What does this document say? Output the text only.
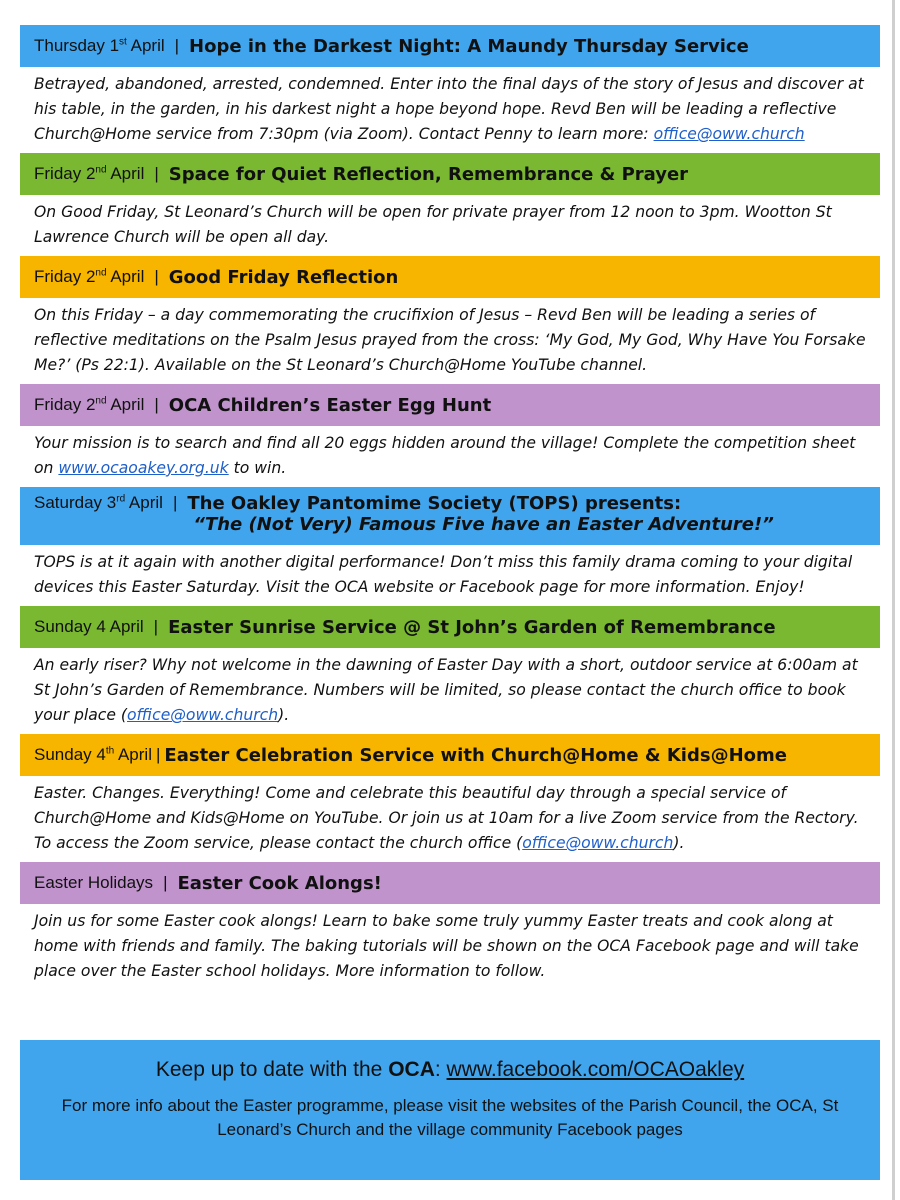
Thursday 1st April | Hope in the Darkest Night: A Maundy Thursday Service
Betrayed, abandoned, arrested, condemned. Enter into the final days of the story of Jesus and discover at his table, in the garden, in his darkest night a hope beyond hope. Revd Ben will be leading a reflective Church@Home service from 7:30pm (via Zoom). Contact Penny to learn more: office@oww.church
Friday 2nd April | Space for Quiet Reflection, Remembrance & Prayer
On Good Friday, St Leonard’s Church will be open for private prayer from 12 noon to 3pm. Wootton St Lawrence Church will be open all day.
Friday 2nd April | Good Friday Reflection
On this Friday – a day commemorating the crucifixion of Jesus – Revd Ben will be leading a series of reflective meditations on the Psalm Jesus prayed from the cross: ‘My God, My God, Why Have You Forsake Me?’ (Ps 22:1). Available on the St Leonard’s Church@Home YouTube channel.
Friday 2nd April | OCA Children’s Easter Egg Hunt
Your mission is to search and find all 20 eggs hidden around the village! Complete the competition sheet on www.ocaoakey.org.uk to win.
Saturday 3rd April | The Oakley Pantomime Society (TOPS) presents:
“The (Not Very) Famous Five have an Easter Adventure!”
TOPS is at it again with another digital performance! Don’t miss this family drama coming to your digital devices this Easter Saturday. Visit the OCA website or Facebook page for more information. Enjoy!
Sunday 4 April | Easter Sunrise Service @ St John’s Garden of Remembrance
An early riser? Why not welcome in the dawning of Easter Day with a short, outdoor service at 6:00am at St John’s Garden of Remembrance. Numbers will be limited, so please contact the church office to book your place (office@oww.church).
Sunday 4th April | Easter Celebration Service with Church@Home & Kids@Home
Easter. Changes. Everything! Come and celebrate this beautiful day through a special service of Church@Home and Kids@Home on YouTube. Or join us at 10am for a live Zoom service from the Rectory. To access the Zoom service, please contact the church office (office@oww.church).
Easter Holidays | Easter Cook Alongs!
Join us for some Easter cook alongs! Learn to bake some truly yummy Easter treats and cook along at home with friends and family. The baking tutorials will be shown on the OCA Facebook page and will take place over the Easter school holidays. More information to follow.
Keep up to date with the OCA: www.facebook.com/OCAOakley
For more info about the Easter programme, please visit the websites of the Parish Council, the OCA, St Leonard’s Church and the village community Facebook pages
